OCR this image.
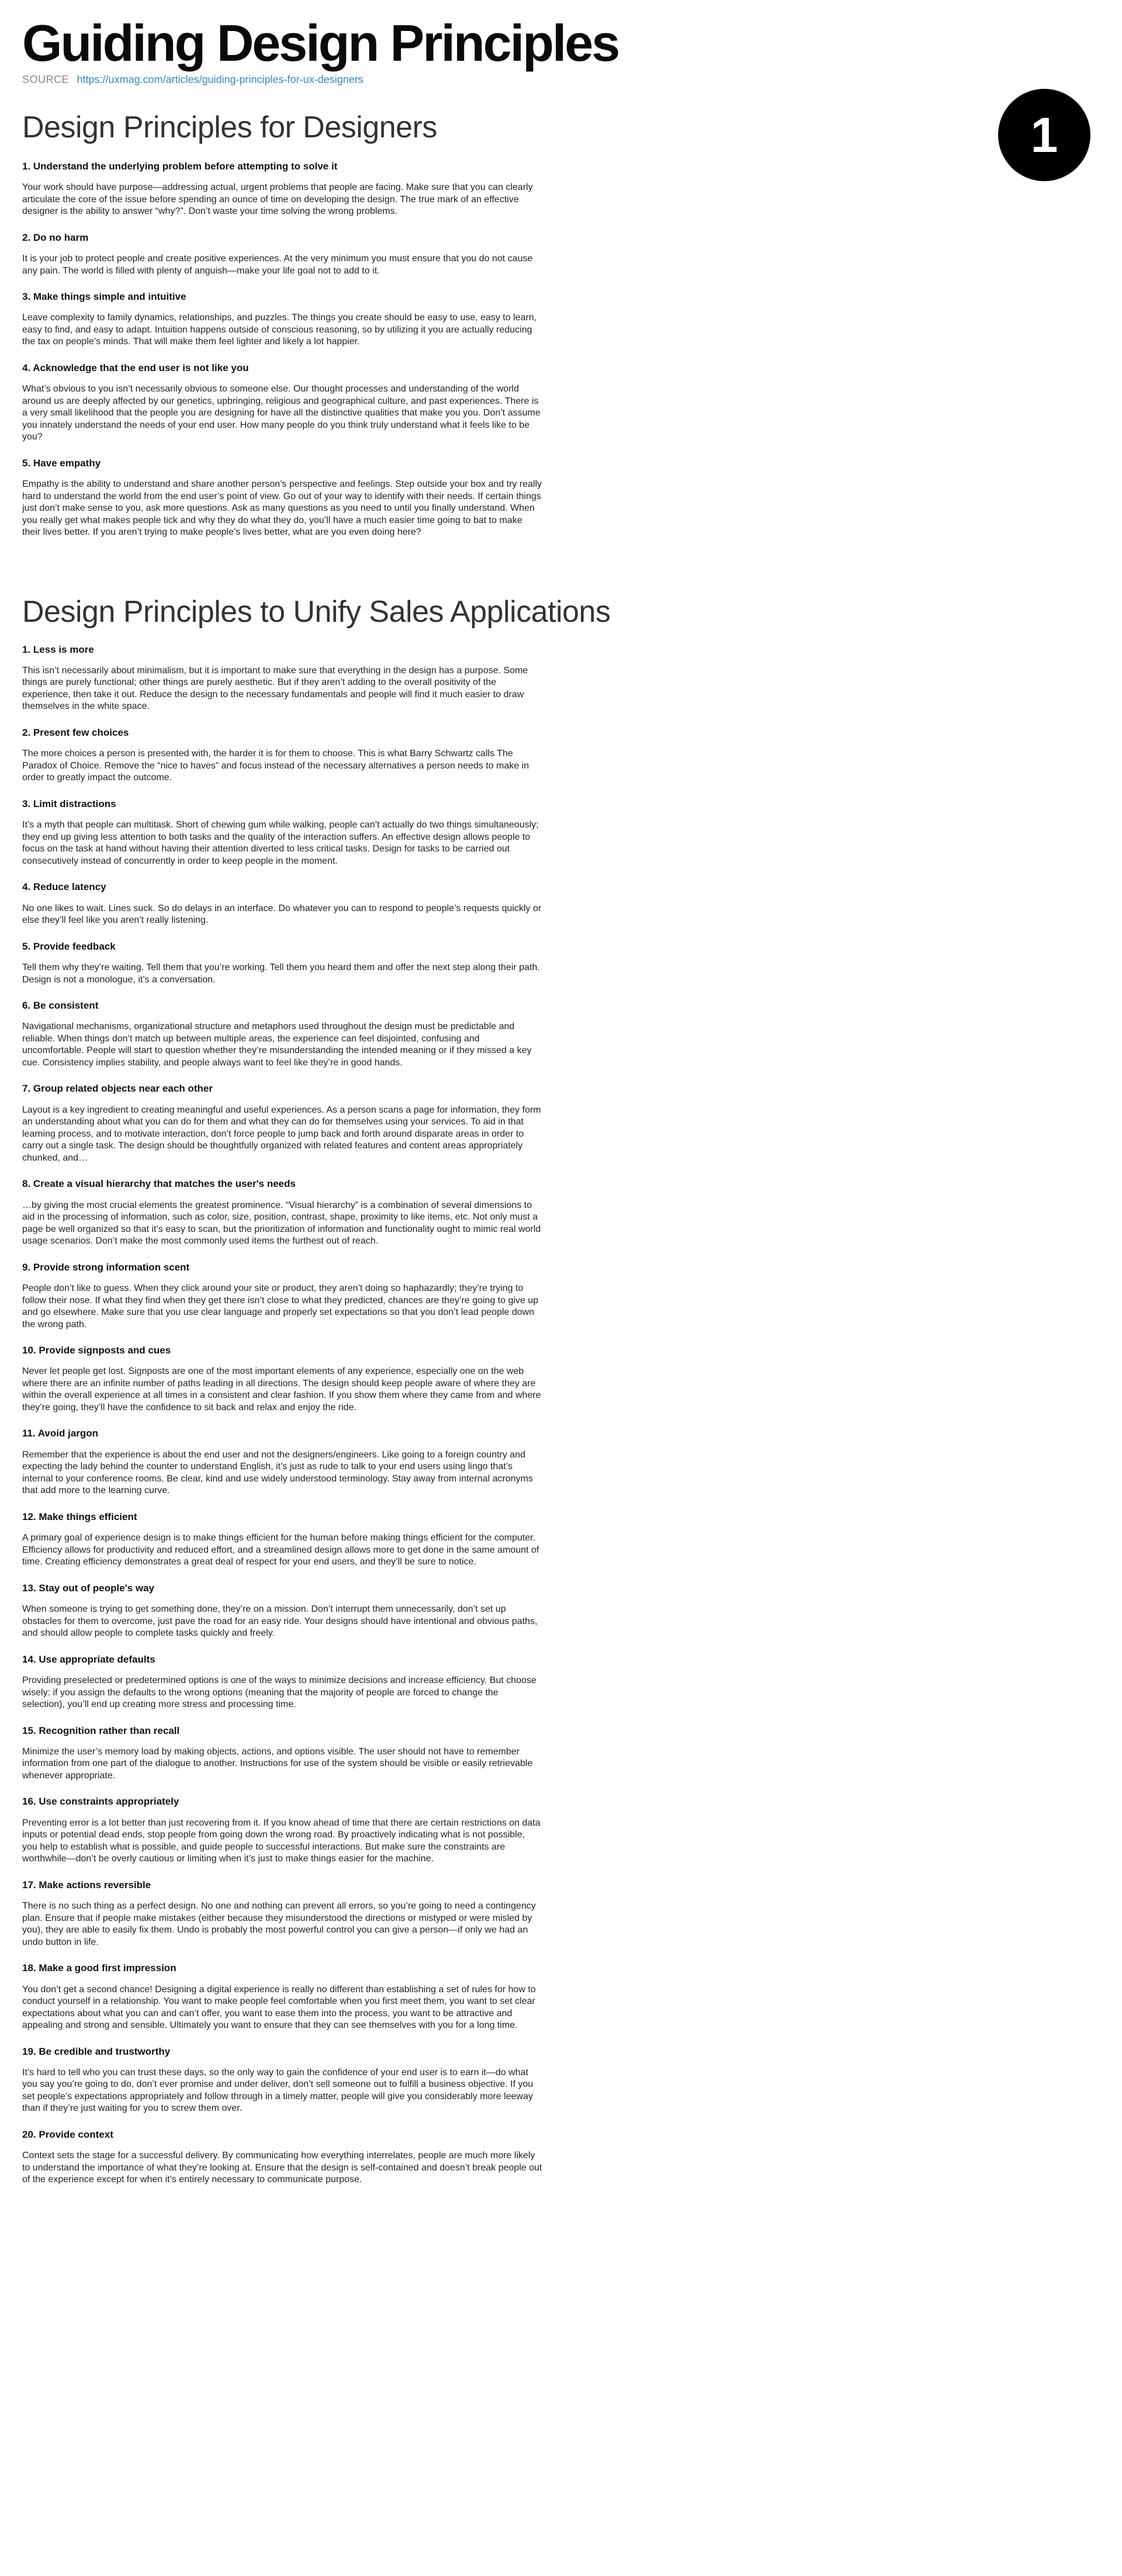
Guiding Design Principles
SOURCE https://uxmag.com/articles/guiding-principles-for-ux-designers
Design Principles for Designers
1. Understand the underlying problem before attempting to solve it

Your work should have purpose—addressing actual, urgent problems that people are facing. Make sure that you can clearly articulate the core of the issue before spending an ounce of time on developing the design. The true mark of an effective designer is the ability to answer “why?”. Don’t waste your time solving the wrong problems.

2. Do no harm

It is your job to protect people and create positive experiences. At the very minimum you must ensure that you do not cause any pain. The world is filled with plenty of anguish—make your life goal not to add to it.

3. Make things simple and intuitive

Leave complexity to family dynamics, relationships, and puzzles. The things you create should be easy to use, easy to learn, easy to find, and easy to adapt. Intuition happens outside of conscious reasoning, so by utilizing it you are actually reducing the tax on people’s minds. That will make them feel lighter and likely a lot happier.

4. Acknowledge that the end user is not like you

What’s obvious to you isn’t necessarily obvious to someone else. Our thought processes and understanding of the world around us are deeply affected by our genetics, upbringing, religious and geographical culture, and past experiences. There is a very small likelihood that the people you are designing for have all the distinctive qualities that make you you. Don’t assume you innately understand the needs of your end user. How many people do you think truly understand what it feels like to be you?

5. Have empathy

Empathy is the ability to understand and share another person’s perspective and feelings. Step outside your box and try really hard to understand the world from the end user’s point of view. Go out of your way to identify with their needs. If certain things just don’t make sense to you, ask more questions. Ask as many questions as you need to until you finally understand. When you really get what makes people tick and why they do what they do, you’ll have a much easier time going to bat to make their lives better. If you aren’t trying to make people’s lives better, what are you even doing here?

Design Principles to Unify Sales Applications
1. Less is more

This isn’t necessarily about minimalism, but it is important to make sure that everything in the design has a purpose. Some things are purely functional; other things are purely aesthetic. But if they aren’t adding to the overall positivity of the experience, then take it out. Reduce the design to the necessary fundamentals and people will find it much easier to draw themselves in the white space.

2. Present few choices

The more choices a person is presented with, the harder it is for them to choose. This is what Barry Schwartz calls The Paradox of Choice. Remove the “nice to haves” and focus instead of the necessary alternatives a person needs to make in order to greatly impact the outcome.

3. Limit distractions

It’s a myth that people can multitask. Short of chewing gum while walking, people can’t actually do two things simultaneously; they end up giving less attention to both tasks and the quality of the interaction suffers. An effective design allows people to focus on the task at hand without having their attention diverted to less critical tasks. Design for tasks to be carried out consecutively instead of concurrently in order to keep people in the moment.

4. Reduce latency

No one likes to wait. Lines suck. So do delays in an interface. Do whatever you can to respond to people’s requests quickly or else they’ll feel like you aren’t really listening.

5. Provide feedback

Tell them why they’re waiting. Tell them that you’re working. Tell them you heard them and offer the next step along their path. Design is not a monologue, it’s a conversation.

6. Be consistent

Navigational mechanisms, organizational structure and metaphors used throughout the design must be predictable and reliable. When things don’t match up between multiple areas, the experience can feel disjointed, confusing and uncomfortable. People will start to question whether they’re misunderstanding the intended meaning or if they missed a key cue. Consistency implies stability, and people always want to feel like they’re in good hands.

7. Group related objects near each other

Layout is a key ingredient to creating meaningful and useful experiences. As a person scans a page for information, they form an understanding about what you can do for them and what they can do for themselves using your services. To aid in that learning process, and to motivate interaction, don’t force people to jump back and forth around disparate areas in order to carry out a single task. The design should be thoughtfully organized with related features and content areas appropriately chunked, and…

8. Create a visual hierarchy that matches the user's needs

…by giving the most crucial elements the greatest prominence. “Visual hierarchy” is a combination of several dimensions to aid in the processing of information, such as color, size, position, contrast, shape, proximity to like items, etc. Not only must a page be well organized so that it’s easy to scan, but the prioritization of information and functionality ought to mimic real world usage scenarios. Don’t make the most commonly used items the furthest out of reach.

9. Provide strong information scent

People don’t like to guess. When they click around your site or product, they aren’t doing so haphazardly; they’re trying to follow their nose. If what they find when they get there isn’t close to what they predicted, chances are they’re going to give up and go elsewhere. Make sure that you use clear language and properly set expectations so that you don’t lead people down the wrong path.

10. Provide signposts and cues

Never let people get lost. Signposts are one of the most important elements of any experience, especially one on the web where there are an infinite number of paths leading in all directions. The design should keep people aware of where they are within the overall experience at all times in a consistent and clear fashion. If you show them where they came from and where they’re going, they’ll have the confidence to sit back and relax and enjoy the ride.

11. Avoid jargon

Remember that the experience is about the end user and not the designers/engineers. Like going to a foreign country and expecting the lady behind the counter to understand English, it’s just as rude to talk to your end users using lingo that’s internal to your conference rooms. Be clear, kind and use widely understood terminology. Stay away from internal acronyms that add more to the learning curve.

12. Make things efficient

A primary goal of experience design is to make things efficient for the human before making things efficient for the computer. Efficiency allows for productivity and reduced effort, and a streamlined design allows more to get done in the same amount of time. Creating efficiency demonstrates a great deal of respect for your end users, and they’ll be sure to notice.

13. Stay out of people's way

When someone is trying to get something done, they’re on a mission. Don’t interrupt them unnecessarily, don’t set up obstacles for them to overcome, just pave the road for an easy ride. Your designs should have intentional and obvious paths, and should allow people to complete tasks quickly and freely.

14. Use appropriate defaults

Providing preselected or predetermined options is one of the ways to minimize decisions and increase efficiency. But choose wisely: if you assign the defaults to the wrong options (meaning that the majority of people are forced to change the selection), you’ll end up creating more stress and processing time.

15. Recognition rather than recall

Minimize the user’s memory load by making objects, actions, and options visible. The user should not have to remember information from one part of the dialogue to another. Instructions for use of the system should be visible or easily retrievable whenever appropriate.

16. Use constraints appropriately

Preventing error is a lot better than just recovering from it. If you know ahead of time that there are certain restrictions on data inputs or potential dead ends, stop people from going down the wrong road. By proactively indicating what is not possible, you help to establish what is possible, and guide people to successful interactions. But make sure the constraints are worthwhile—don’t be overly cautious or limiting when it’s just to make things easier for the machine.

17. Make actions reversible

There is no such thing as a perfect design. No one and nothing can prevent all errors, so you’re going to need a contingency plan. Ensure that if people make mistakes (either because they misunderstood the directions or mistyped or were misled by you), they are able to easily fix them. Undo is probably the most powerful control you can give a person—if only we had an undo button in life.

18. Make a good first impression

You don’t get a second chance! Designing a digital experience is really no different than establishing a set of rules for how to conduct yourself in a relationship. You want to make people feel comfortable when you first meet them, you want to set clear expectations about what you can and can’t offer, you want to ease them into the process, you want to be attractive and appealing and strong and sensible. Ultimately you want to ensure that they can see themselves with you for a long time.

19. Be credible and trustworthy

It’s hard to tell who you can trust these days, so the only way to gain the confidence of your end user is to earn it—do what you say you’re going to do, don’t ever promise and under deliver, don’t sell someone out to fulfill a business objective. If you set people’s expectations appropriately and follow through in a timely matter, people will give you considerably more leeway than if they’re just waiting for you to screw them over.

20. Provide context

Context sets the stage for a successful delivery. By communicating how everything interrelates, people are much more likely to understand the importance of what they’re looking at. Ensure that the design is self-contained and doesn’t break people out of the experience except for when it’s entirely necessary to communicate purpose.

1
